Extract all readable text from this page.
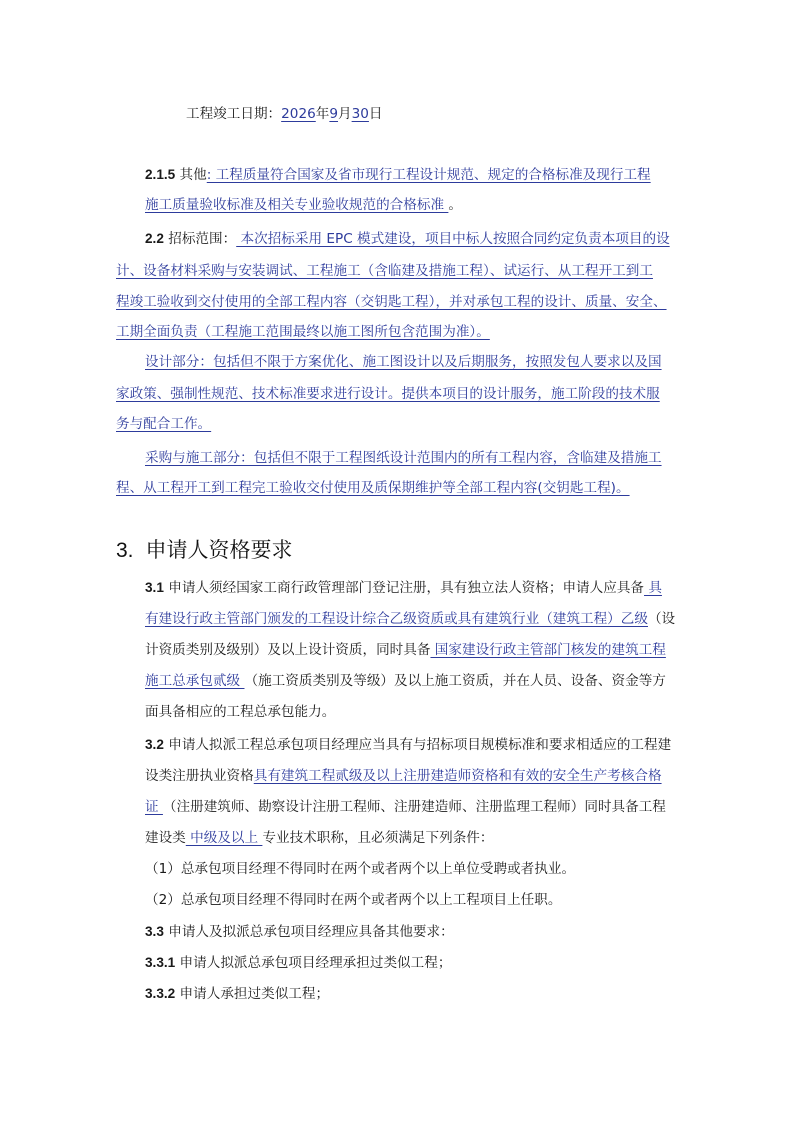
工程竣工日期：2026年9月30日
2.1.5 其他: 工程质量符合国家及省市现行工程设计规范、规定的合格标准及现行工程
施工质量验收标准及相关专业验收规范的合格标准 。
2.2 招标范围： 本次招标采用 EPC 模式建设，项目中标人按照合同约定负责本项目的设
计、设备材料采购与安装调试、工程施工（含临建及措施工程）、试运行、从工程开工到工
程竣工验收到交付使用的全部工程内容（交钥匙工程），并对承包工程的设计、质量、安全、
工期全面负责（工程施工范围最终以施工图所包含范围为准）。
设计部分：包括但不限于方案优化、施工图设计以及后期服务，按照发包人要求以及国
家政策、强制性规范、技术标准要求进行设计。提供本项目的设计服务，施工阶段的技术服
务与配合工作。
采购与施工部分：包括但不限于工程图纸设计范围内的所有工程内容，含临建及措施工
程、从工程开工到工程完工验收交付使用及质保期维护等全部工程内容(交钥匙工程)。
3. 申请人资格要求
3.1 申请人须经国家工商行政管理部门登记注册，具有独立法人资格；申请人应具备 具
有建设行政主管部门颁发的工程设计综合乙级资质或具有建筑行业（建筑工程）乙级（设
计资质类别及级别）及以上设计资质，同时具备 国家建设行政主管部门核发的建筑工程
施工总承包贰级 （施工资质类别及等级）及以上施工资质，并在人员、设备、资金等方
面具备相应的工程总承包能力。
3.2 申请人拟派工程总承包项目经理应当具有与招标项目规模标准和要求相适应的工程建
设类注册执业资格具有建筑工程贰级及以上注册建造师资格和有效的安全生产考核合格
证 （注册建筑师、勘察设计注册工程师、注册建造师、注册监理工程师）同时具备工程
建设类 中级及以上 专业技术职称，且必须满足下列条件：
（1）总承包项目经理不得同时在两个或者两个以上单位受聘或者执业。
（2）总承包项目经理不得同时在两个或者两个以上工程项目上任职。
3.3 申请人及拟派总承包项目经理应具备其他要求：
3.3.1 申请人拟派总承包项目经理承担过类似工程；
3.3.2 申请人承担过类似工程；
